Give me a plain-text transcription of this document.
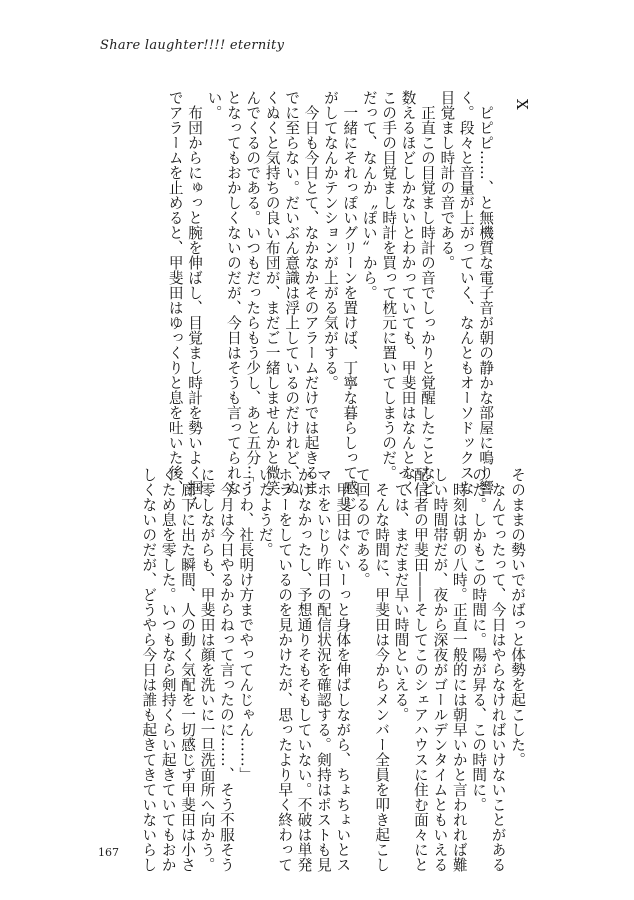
Share laughter!!!! eternity
X

　ピピピ……、と無機質な電子音が朝の静かな部屋に鳴り響

く。段々と音量が上がっていく、なんともオーソドックスな

目覚まし時計の音である。

　正直この目覚まし時計の音でしっかりと覚醒したことなど

数えるほどしかないとわかっていても、甲斐田はなんとなく

この手の目覚まし時計を買って枕元に置いてしまうのだ。

だって、なんか〝ぽい〟から。

　一緒にそれっぽいグリーンを置けば、丁寧な暮らしって感じ

がしてなんかテンションが上がる気がする。

　今日も今日とて、なかなかそのアラームだけでは起きるま

でに至らない。だいぶん意識は浮上しているのだけれど、ぬ

くぬくと気持ちの良い布団が、まだご一緒しませんかと微笑

んでくるのである。いつもだったらもう少し、あと五分……

となってもおかしくないのだが、今日はそうも言ってられな

い。

　布団からにゅっと腕を伸ばし、目覚まし時計を勢いよく掴ん

でアラームを止めると、甲斐田はゆっくりと息を吐いた後、

そのままの勢いでがばっと体勢を起こした。

　なんてったって、今日はやらなければいけないことがある

のだ。しかもこの時間に。陽が昇る、この時間に。

　時刻は朝の八時。正直一般的には朝早いかと言われれば難

しい時間帯だが、夜から深夜がゴールデンタイムともいえる

配信者の甲斐田――そしてこのシェアハウスに住む面々にと

っては、まだまだ早い時間といえる。

　そんな時間に、甲斐田は今からメンバー全員を叩き起こし

て回るのである。

　甲斐田はぐいーっと身体を伸ばしながら、ちょちょいとス

マホをいじり昨日の配信状況を確認する。剣持はポストも見

かけなかったし、予想通りそもそもしていない。不破は単発

ホラーをしているのを見かけたが、思ったより早く終わって

いたようだ。

「うわ、社長明け方までやってんじゃん……」

　今月は今日やるからねって言ったのに……、そう不服そう

に零しながらも、甲斐田は顔を洗いに一旦洗面所へ向かう。

　廊下に出た瞬間、人の動く気配を一切感じず甲斐田は小さ

くため息を零した。いつもなら剣持くらい起きていてもおか

しくないのだが、どうやら今日は誰も起きてきていないらし

167
